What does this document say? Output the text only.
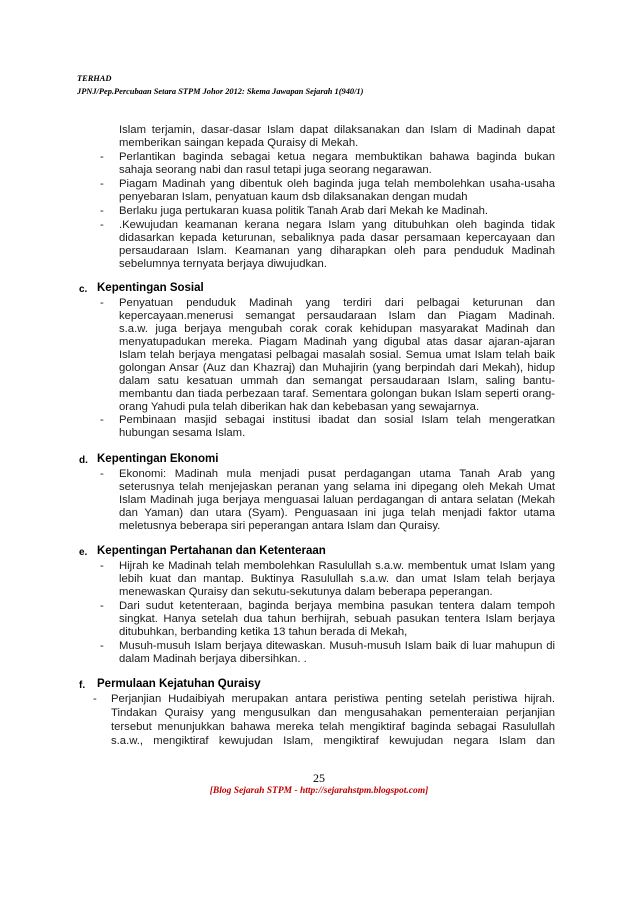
TERHAD
JPNJ/Pep.Percubaan Setara STPM Johor 2012: Skema Jawapan Sejarah 1(940/1)
Islam terjamin, dasar-dasar Islam dapat dilaksanakan dan Islam di Madinah dapat
memberikan saingan kepada Quraisy di Mekah.
- Perlantikan baginda sebagai ketua negara membuktikan bahawa baginda bukan
sahaja seorang nabi dan rasul tetapi juga seorang negarawan.
- Piagam Madinah yang dibentuk oleh baginda juga telah membolehkan usaha-usaha
penyebaran Islam, penyatuan kaum dsb dilaksanakan dengan mudah
- Berlaku juga pertukaran kuasa politik Tanah Arab dari Mekah ke Madinah.
- .Kewujudan keamanan kerana negara Islam yang ditubuhkan oleh baginda tidak
didasarkan kepada keturunan, sebaliknya pada dasar persamaan kepercayaan dan
persaudaraan Islam. Keamanan yang diharapkan oleh para penduduk Madinah
sebelumnya ternyata berjaya diwujudkan.
c. Kepentingan Sosial
- Penyatuan penduduk Madinah yang terdiri dari pelbagai keturunan dan
kepercayaan.menerusi semangat persaudaraan Islam dan Piagam Madinah.
s.a.w. juga berjaya mengubah corak corak kehidupan masyarakat Madinah dan
menyatupadukan mereka. Piagam Madinah yang digubal atas dasar ajaran-ajaran
Islam telah berjaya mengatasi pelbagai masalah sosial. Semua umat Islam telah baik
golongan Ansar (Auz dan Khazraj) dan Muhajirin (yang berpindah dari Mekah), hidup
dalam satu kesatuan ummah dan semangat persaudaraan Islam, saling bantu-
membantu dan tiada perbezaan taraf. Sementara golongan bukan Islam seperti orang-
orang Yahudi pula telah diberikan hak dan kebebasan yang sewajarnya.
- Pembinaan masjid sebagai institusi ibadat dan sosial Islam telah mengeratkan
hubungan sesama Islam.
d. Kepentingan Ekonomi
- Ekonomi: Madinah mula menjadi pusat perdagangan utama Tanah Arab yang
seterusnya telah menjejaskan peranan yang selama ini dipegang oleh Mekah Umat
Islam Madinah juga berjaya menguasai laluan perdagangan di antara selatan (Mekah
dan Yaman) dan utara (Syam). Penguasaan ini juga telah menjadi faktor utama
meletusnya beberapa siri peperangan antara Islam dan Quraisy.
e. Kepentingan Pertahanan dan Ketenteraan
- Hijrah ke Madinah telah membolehkan Rasulullah s.a.w. membentuk umat Islam yang
lebih kuat dan mantap. Buktinya Rasulullah s.a.w. dan umat Islam telah berjaya
menewaskan Quraisy dan sekutu-sekutunya dalam beberapa peperangan.
- Dari sudut ketenteraan, baginda berjaya membina pasukan tentera dalam tempoh
singkat. Hanya setelah dua tahun berhijrah, sebuah pasukan tentera Islam berjaya
ditubuhkan, berbanding ketika 13 tahun berada di Mekah,
- Musuh-musuh Islam berjaya ditewaskan. Musuh-musuh Islam baik di luar mahupun di
dalam Madinah berjaya dibersihkan. .
f. Permulaan Kejatuhan Quraisy
- Perjanjian Hudaibiyah merupakan antara peristiwa penting setelah peristiwa hijrah.
Tindakan Quraisy yang mengusulkan dan mengusahakan pementeraian perjanjian
tersebut menunjukkan bahawa mereka telah mengiktiraf baginda sebagai Rasulullah
s.a.w., mengiktiraf kewujudan Islam, mengiktiraf kewujudan negara Islam dan
25
[Blog Sejarah STPM - http://sejarahstpm.blogspot.com]
